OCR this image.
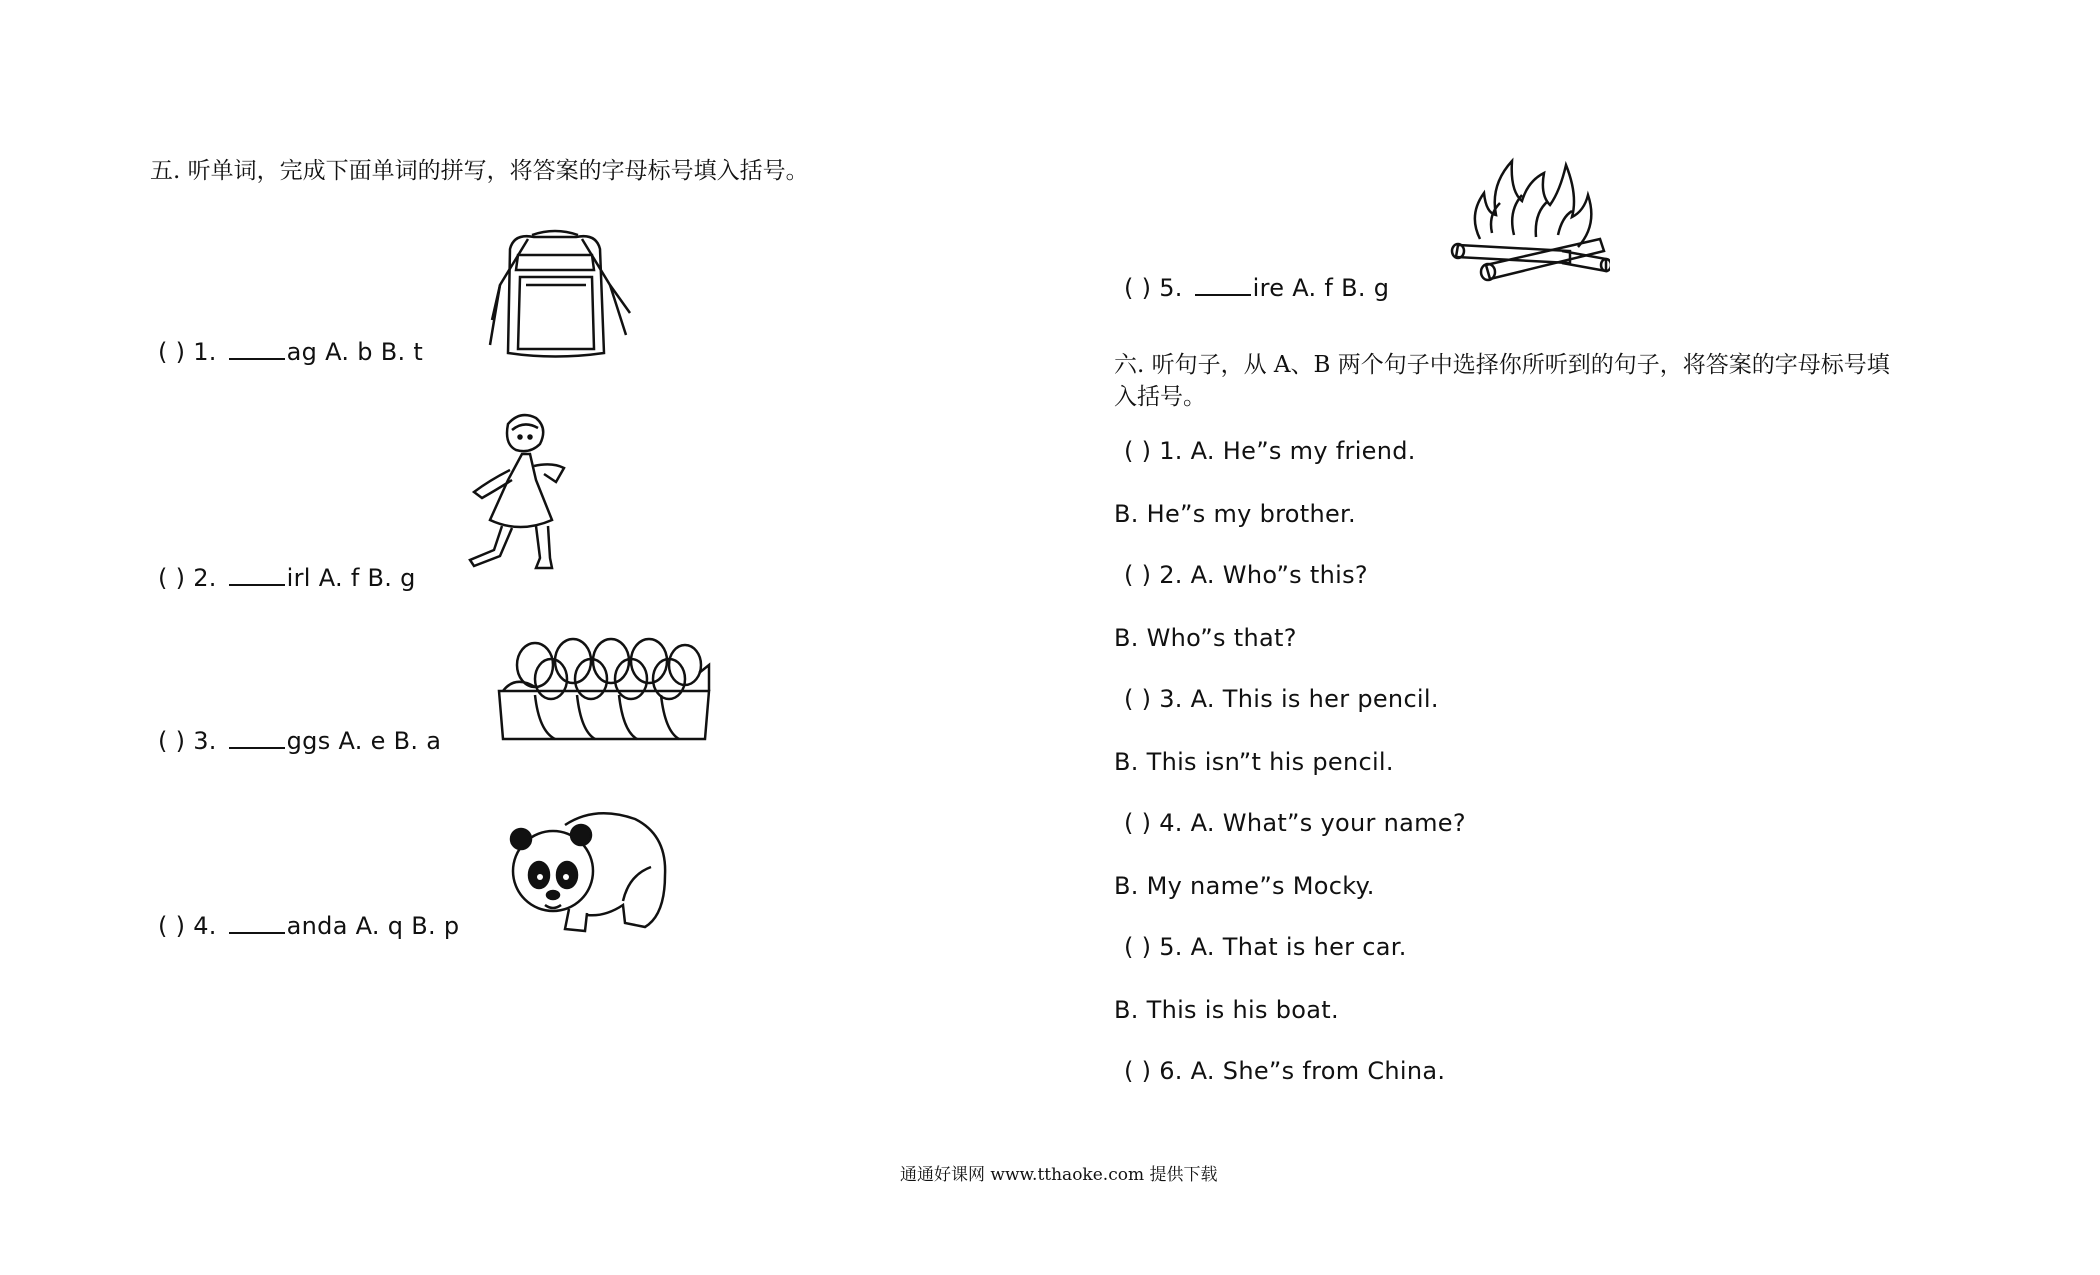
五. 听单词，完成下面单词的拼写，将答案的字母标号填入括号。
( ) 1.	ag A. b B. t
( ) 2.	irl A. f B. g
( ) 3.	ggs A. e B. a
( ) 4.	anda A. q B. p
( ) 5.	ire A. f B. g
六. 听句子，从 A、B 两个句子中选择你所听到的句子，将答案的字母标号填
入括号。
( ) 1. A. He”s my friend.
B. He”s my brother.
( ) 2. A. Who”s this?
B. Who”s that?
( ) 3. A. This is her pencil.
B. This isn”t his pencil.
( ) 4. A. What”s your name?
B. My name”s Mocky.
( ) 5. A. That is her car.
B. This is his boat.
( ) 6. A. She”s from China.
通通好课网 www.tthaoke.com 提供下载
